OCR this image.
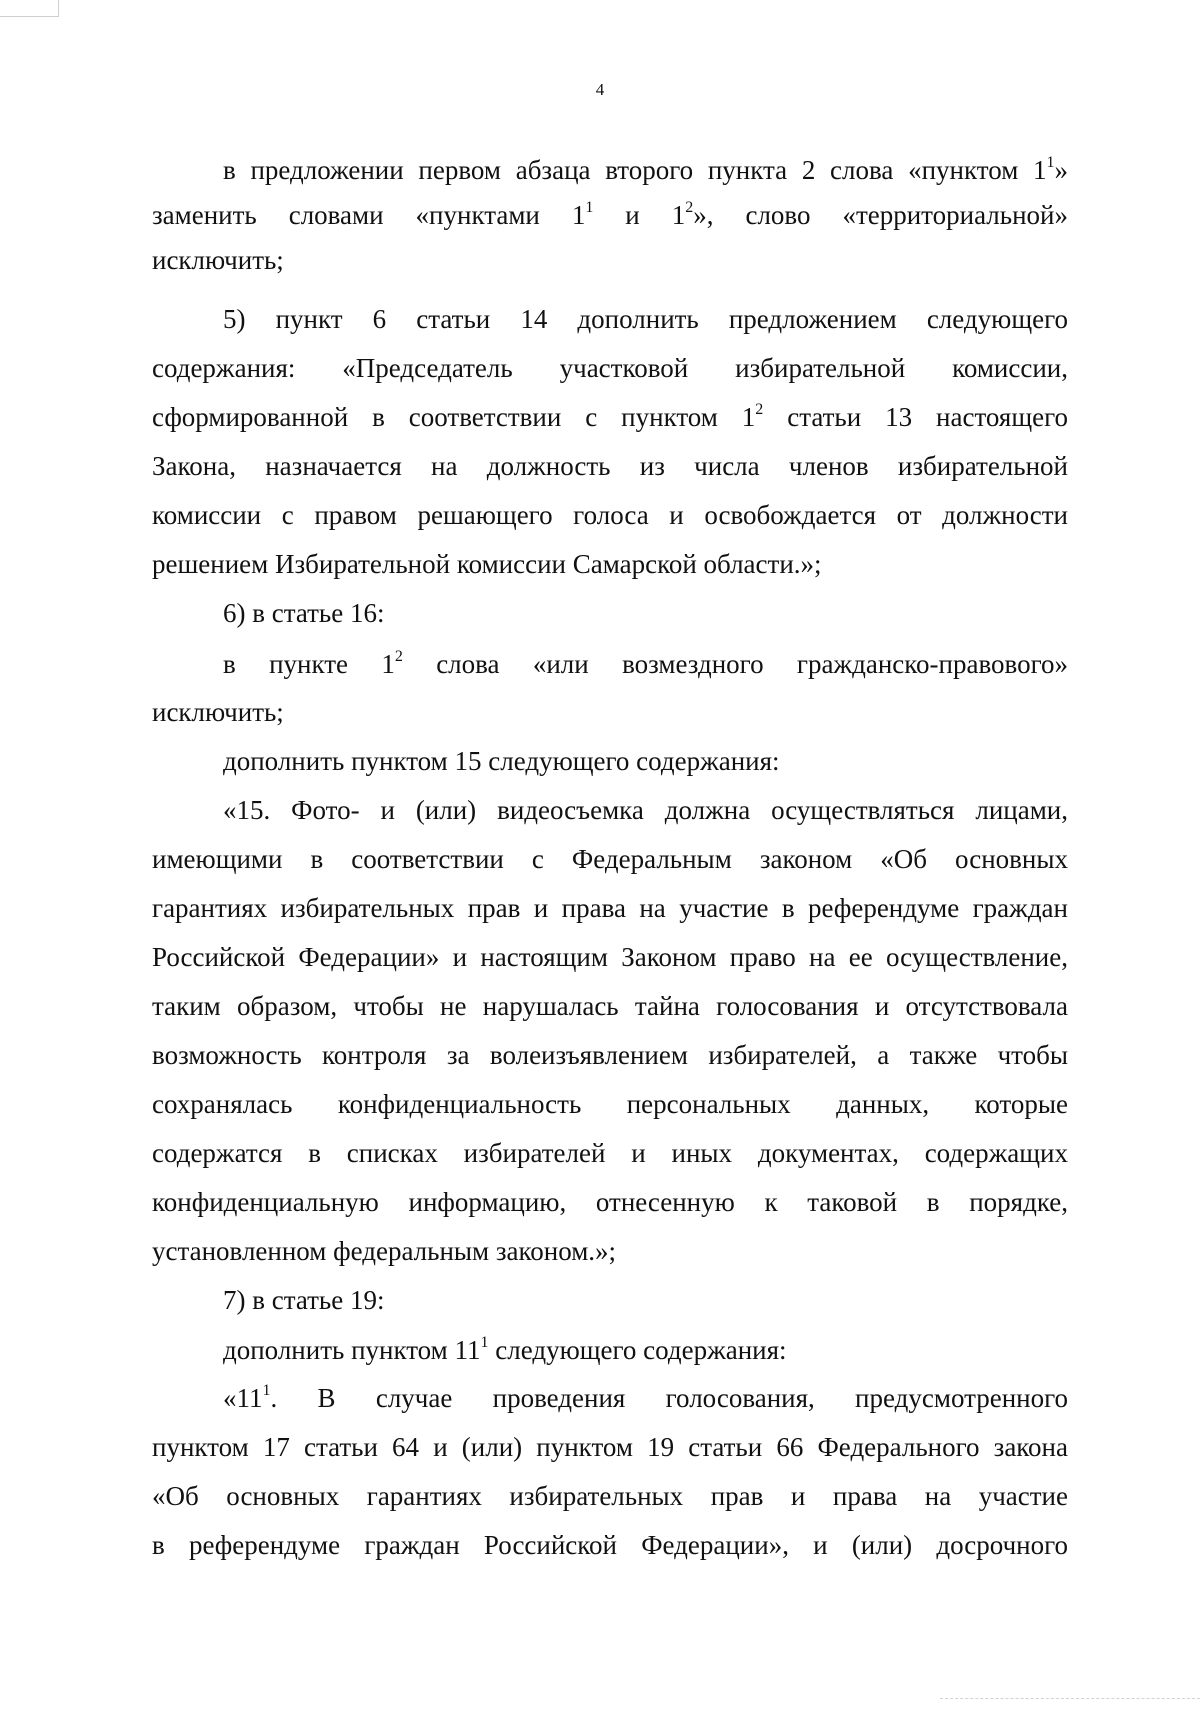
4
в предложении первом абзаца второго пункта 2 слова «пунктом $1^1$»
заменить словами «пунктами $1^1$ и $1^2$», слово «территориальной»
исключить;
5) пункт 6 статьи 14 дополнить предложением следующего
содержания: «Председатель участковой избирательной комиссии,
сформированной в соответствии с пунктом $1^2$ статьи 13 настоящего
Закона, назначается на должность из числа членов избирательной
комиссии с правом решающего голоса и освобождается от должности
решением Избирательной комиссии Самарской области.»;
6) в статье 16:
в пункте $1^2$ слова «или возмездного гражданско-правового»
исключить;
дополнить пунктом 15 следующего содержания:
«15. Фото- и (или) видеосъемка должна осуществляться лицами,
имеющими в соответствии с Федеральным законом «Об основных
гарантиях избирательных прав и права на участие в референдуме граждан
Российской Федерации» и настоящим Законом право на ее осуществление,
таким образом, чтобы не нарушалась тайна голосования и отсутствовала
возможность контроля за волеизъявлением избирателей, а также чтобы
сохранялась конфиденциальность персональных данных, которые
содержатся в списках избирателей и иных документах, содержащих
конфиденциальную информацию, отнесенную к таковой в порядке,
установленном федеральным законом.»;
7) в статье 19:
дополнить пунктом $11^1$ следующего содержания:
«$11^1$. В случае проведения голосования, предусмотренного
пунктом 17 статьи 64 и (или) пунктом 19 статьи 66 Федерального закона
«Об основных гарантиях избирательных прав и права на участие
в референдуме граждан Российской Федерации», и (или) досрочного
